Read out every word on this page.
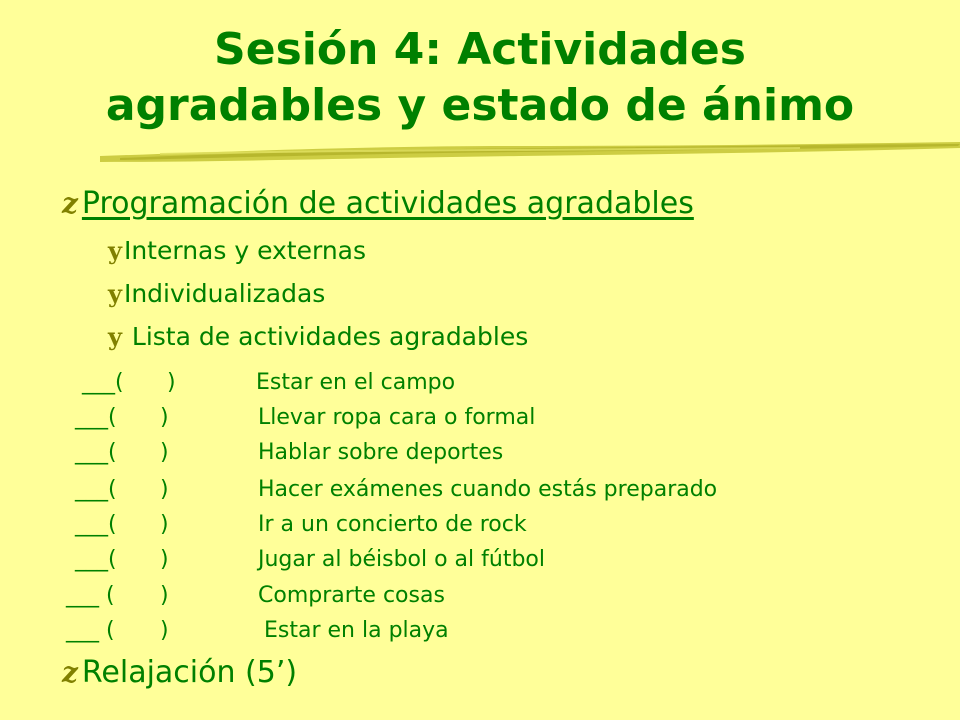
Sesión 4: Actividades
agradables y estado de ánimo
z Programación de actividades agradables
yInternas y externas
yIndividualizadas
y Lista de actividades agradables
___( )	Estar en el campo
___( )	Llevar ropa cara o formal
___( )	Hablar sobre deportes
___( )	Hacer exámenes cuando estás preparado
___( )	Ir a un concierto de rock
___( )	Jugar al béisbol o al fútbol
___ ( )	Comprarte cosas
___ ( )	Estar en la playa
z Relajación (5’)
